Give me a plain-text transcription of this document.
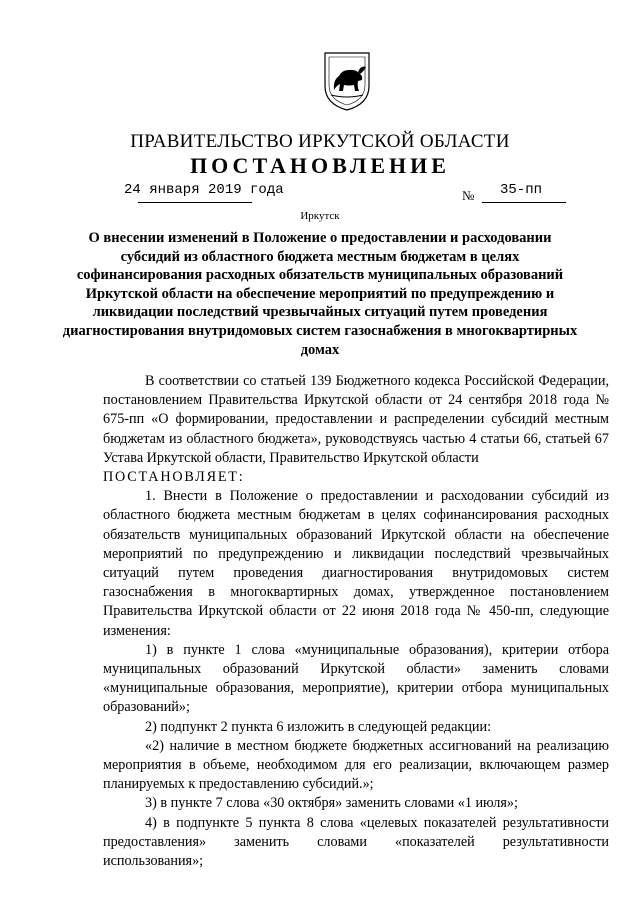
ПРАВИТЕЛЬСТВО ИРКУТСКОЙ ОБЛАСТИ
ПОСТАНОВЛЕНИЕ
24 января 2019 года	№ 35-пп
Иркутск
О внесении изменений в Положение о предоставлении и расходовании субсидий из областного бюджета местным бюджетам в целях софинансирования расходных обязательств муниципальных образований Иркутской области на обеспечение мероприятий по предупреждению и ликвидации последствий чрезвычайных ситуаций путем проведения диагностирования внутридомовых систем газоснабжения в многоквартирных домах

В соответствии со статьей 139 Бюджетного кодекса Российской Федерации, постановлением Правительства Иркутской области от 24 сентября 2018 года № 675-пп «О формировании, предоставлении и распределении субсидий местным бюджетам из областного бюджета», руководствуясь частью 4 статьи 66, статьей 67 Устава Иркутской области, Правительство Иркутской области

ПОСТАНОВЛЯЕТ:

1. Внести в Положение о предоставлении и расходовании субсидий из областного бюджета местным бюджетам в целях софинансирования расходных обязательств муниципальных образований Иркутской области на обеспечение мероприятий по предупреждению и ликвидации последствий чрезвычайных ситуаций путем проведения диагностирования внутридомовых систем газоснабжения в многоквартирных домах, утвержденное постановлением Правительства Иркутской области от 22 июня 2018 года № 450-пп, следующие изменения:

1) в пункте 1 слова «муниципальные образования), критерии отбора муниципальных образований Иркутской области» заменить словами «муниципальные образования, мероприятие), критерии отбора муниципальных образований»;

2) подпункт 2 пункта 6 изложить в следующей редакции:

«2) наличие в местном бюджете бюджетных ассигнований на реализацию мероприятия в объеме, необходимом для его реализации, включающем размер планируемых к предоставлению субсидий.»;

3) в пункте 7 слова «30 октября» заменить словами «1 июля»;

4) в подпункте 5 пункта 8 слова «целевых показателей результативности предоставления» заменить словами «показателей результативности использования»;
